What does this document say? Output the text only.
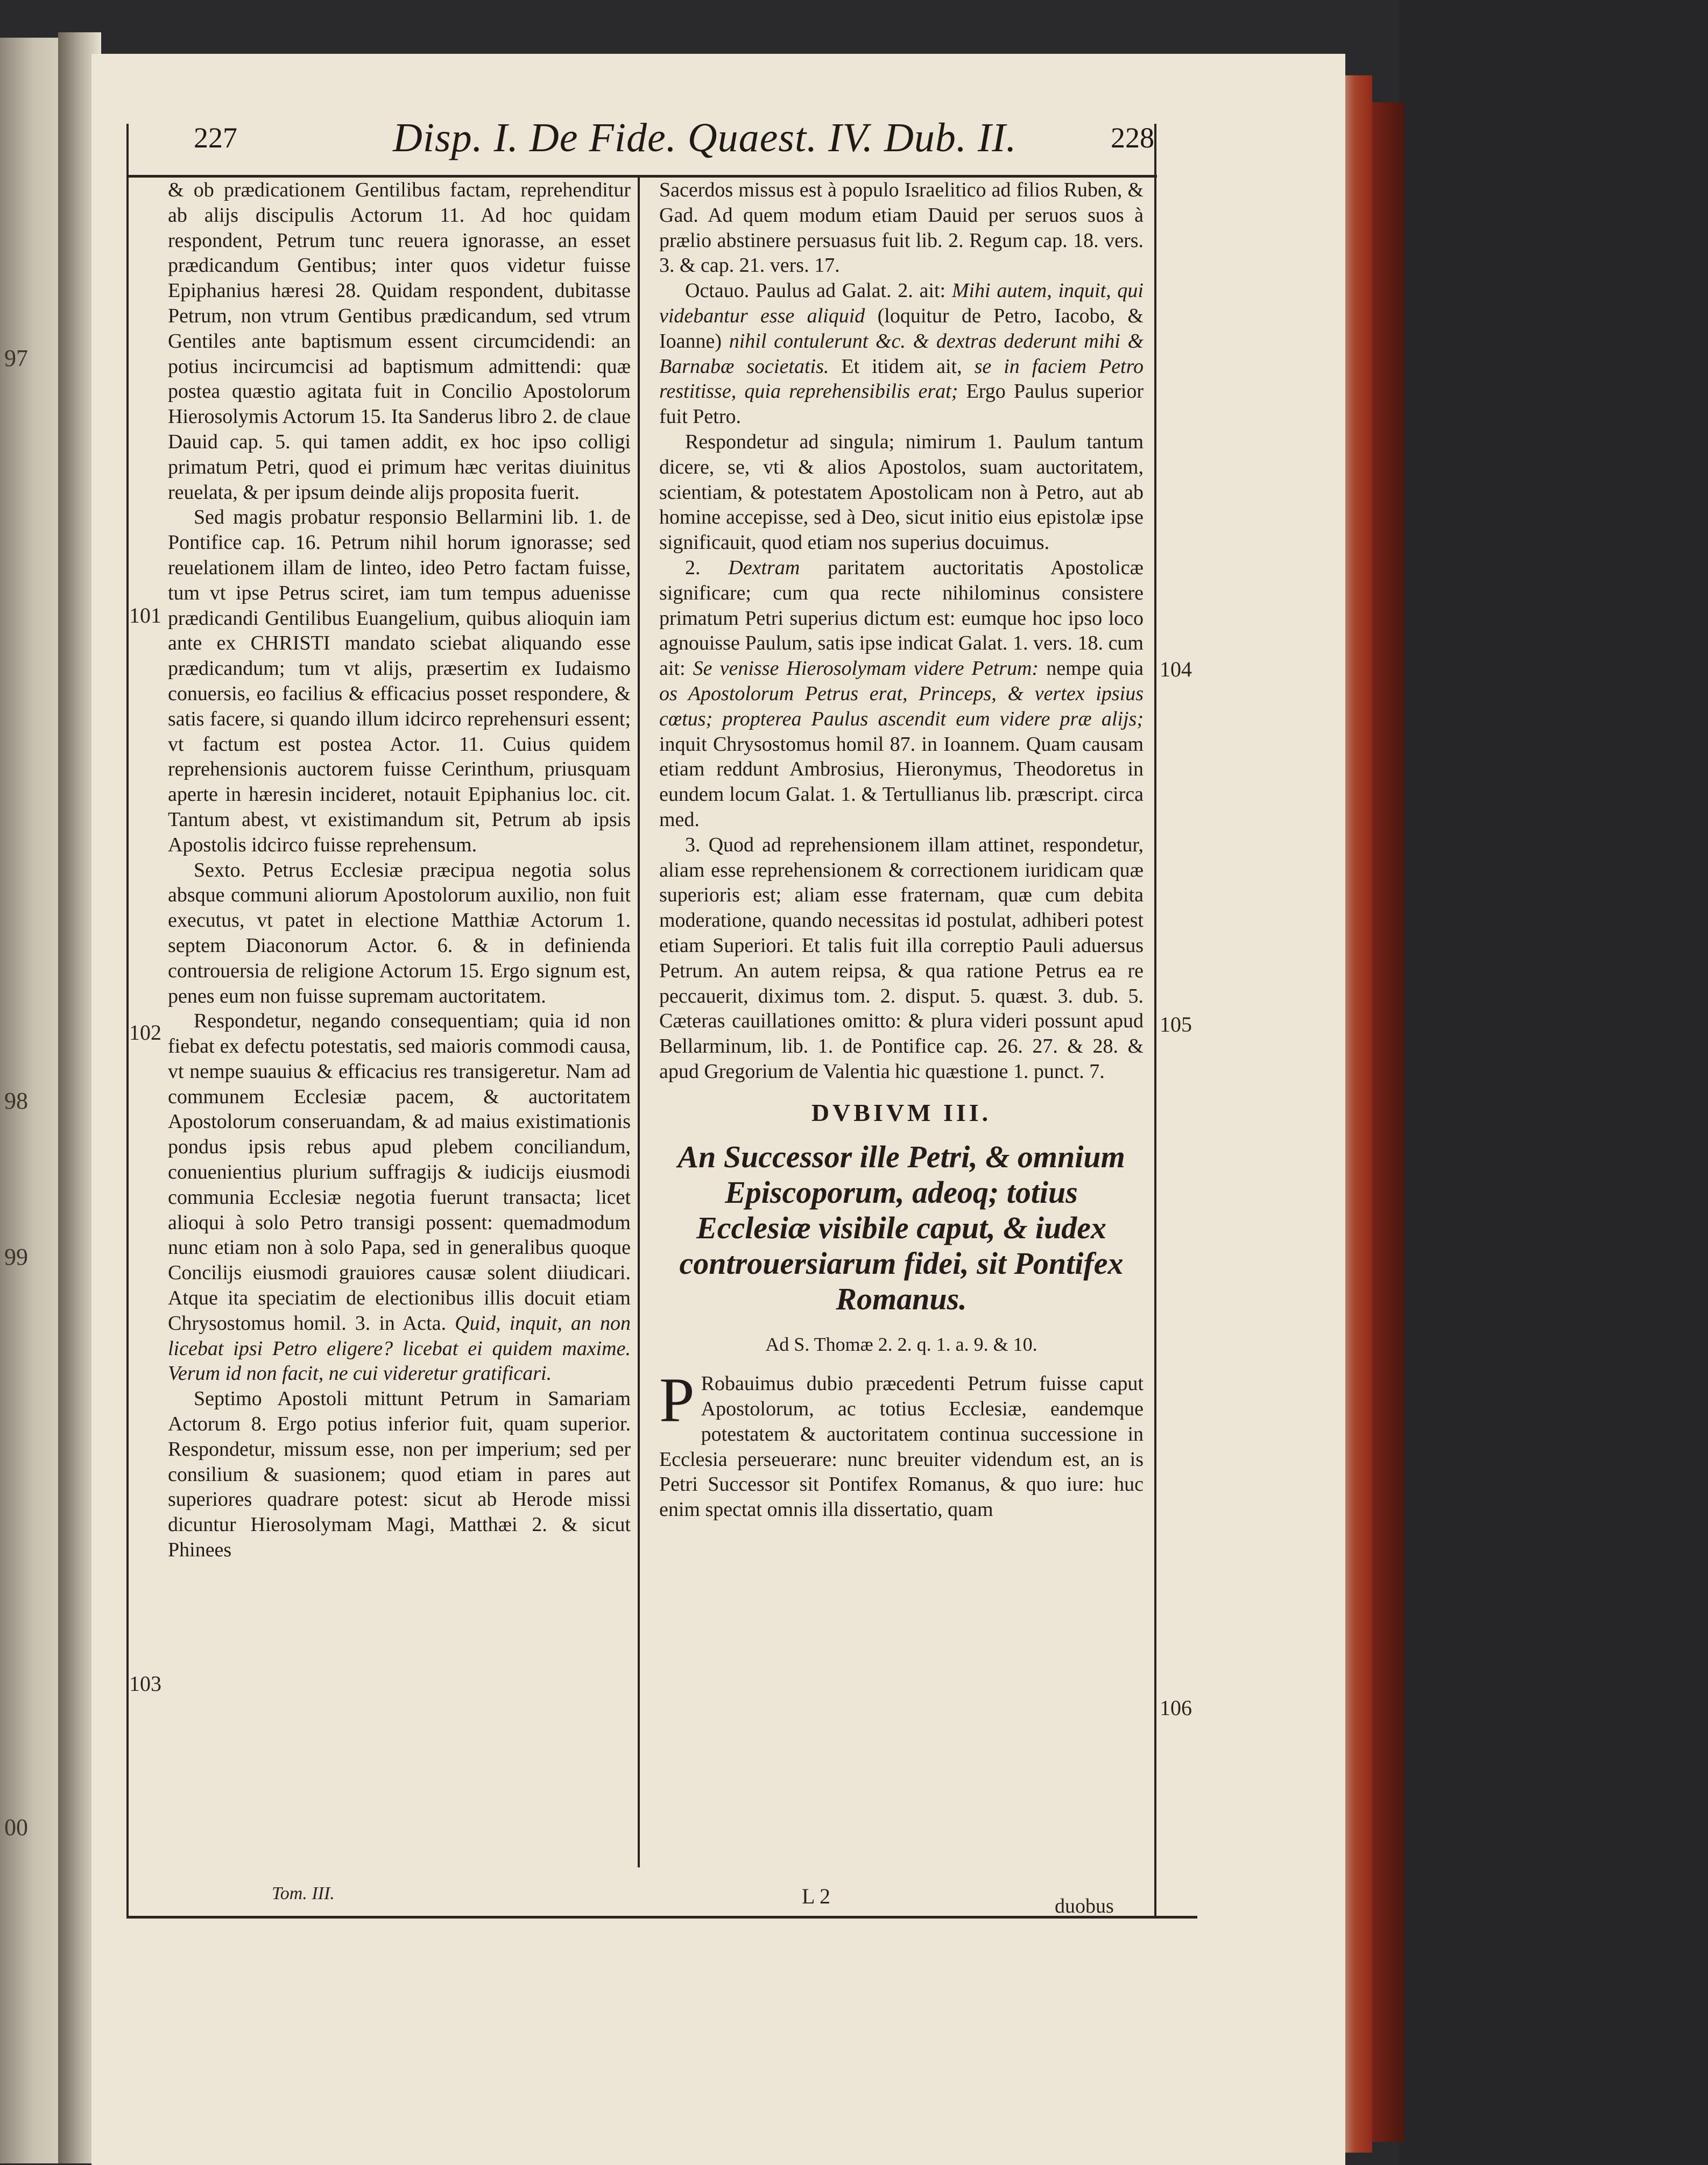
97
98
99
00
227	Disp. I. De Fide. Quaest. IV. Dub. II.	228
101
102
103
104
105
106

& ob prædicationem Gentilibus factam, reprehenditur ab alijs discipulis Actorum 11. Ad hoc quidam respondent, Petrum tunc reuera ignorasse, an esset prædicandum Gentibus; inter quos videtur fuisse Epiphanius hæresi 28. Quidam respondent, dubitasse Petrum, non vtrum Gentibus prædicandum, sed vtrum Gentiles ante baptismum essent circumcidendi: an potius incircumcisi ad baptismum admittendi: quæ postea quæstio agitata fuit in Concilio Apostolorum Hierosolymis Actorum 15. Ita Sanderus libro 2. de claue Dauid cap. 5. qui tamen addit, ex hoc ipso colligi primatum Petri, quod ei primum hæc veritas diuinitus reuelata, & per ipsum deinde alijs proposita fuerit.

Sed magis probatur responsio Bellarmini lib. 1. de Pontifice cap. 16. Petrum nihil horum ignorasse; sed reuelationem illam de linteo, ideo Petro factam fuisse, tum vt ipse Petrus sciret, iam tum tempus aduenisse prædicandi Gentilibus Euangelium, quibus alioquin iam ante ex CHRISTI mandato sciebat aliquando esse prædicandum; tum vt alijs, præsertim ex Iudaismo conuersis, eo facilius & efficacius posset respondere, & satis facere, si quando illum idcirco reprehensuri essent; vt factum est postea Actor. 11. Cuius quidem reprehensionis auctorem fuisse Cerinthum, priusquam aperte in hæresin incideret, notauit Epiphanius loc. cit. Tantum abest, vt existimandum sit, Petrum ab ipsis Apostolis idcirco fuisse reprehensum.

Sexto. Petrus Ecclesiæ præcipua negotia solus absque communi aliorum Apostolorum auxilio, non fuit executus, vt patet in electione Matthiæ Actorum 1. septem Diaconorum Actor. 6. & in definienda controuersia de religione Actorum 15. Ergo signum est, penes eum non fuisse supremam auctoritatem.

Respondetur, negando consequentiam; quia id non fiebat ex defectu potestatis, sed maioris commodi causa, vt nempe suauius & efficacius res transigeretur. Nam ad communem Ecclesiæ pacem, & auctoritatem Apostolorum conseruandam, & ad maius existimationis pondus ipsis rebus apud plebem conciliandum, conuenientius plurium suffragijs & iudicijs eiusmodi communia Ecclesiæ negotia fuerunt transacta; licet alioqui à solo Petro transigi possent: quemadmodum nunc etiam non à solo Papa, sed in generalibus quoque Concilijs eiusmodi grauiores causæ solent diiudicari. Atque ita speciatim de electionibus illis docuit etiam Chrysostomus homil. 3. in Acta. Quid, inquit, an non licebat ipsi Petro eligere? licebat ei quidem maxime. Verum id non facit, ne cui videretur gratificari.

Septimo Apostoli mittunt Petrum in Samariam Actorum 8. Ergo potius inferior fuit, quam superior. Respondetur, missum esse, non per imperium; sed per consilium & suasionem; quod etiam in pares aut superiores quadrare potest: sicut ab Herode missi dicuntur Hierosolymam Magi, Matthæi 2. & sicut Phinees

Sacerdos missus est à populo Israelitico ad filios Ruben, & Gad. Ad quem modum etiam Dauid per seruos suos à prælio abstinere persuasus fuit lib. 2. Regum cap. 18. vers. 3. & cap. 21. vers. 17.

Octauo. Paulus ad Galat. 2. ait: Mihi autem, inquit, qui videbantur esse aliquid (loquitur de Petro, Iacobo, & Ioanne) nihil contulerunt &c. & dextras dederunt mihi & Barnabæ societatis. Et itidem ait, se in faciem Petro restitisse, quia reprehensibilis erat; Ergo Paulus superior fuit Petro.

Respondetur ad singula; nimirum 1. Paulum tantum dicere, se, vti & alios Apostolos, suam auctoritatem, scientiam, & potestatem Apostolicam non à Petro, aut ab homine accepisse, sed à Deo, sicut initio eius epistolæ ipse significauit, quod etiam nos superius docuimus.

2. Dextram paritatem auctoritatis Apostolicæ significare; cum qua recte nihilominus consistere primatum Petri superius dictum est: eumque hoc ipso loco agnouisse Paulum, satis ipse indicat Galat. 1. vers. 18. cum ait: Se venisse Hierosolymam videre Petrum: nempe quia os Apostolorum Petrus erat, Princeps, & vertex ipsius cœtus; propterea Paulus ascendit eum videre præ alijs; inquit Chrysostomus homil 87. in Ioannem. Quam causam etiam reddunt Ambrosius, Hieronymus, Theodoretus in eundem locum Galat. 1. & Tertullianus lib. præscript. circa med.

3. Quod ad reprehensionem illam attinet, respondetur, aliam esse reprehensionem & correctionem iuridicam quæ superioris est; aliam esse fraternam, quæ cum debita moderatione, quando necessitas id postulat, adhiberi potest etiam Superiori. Et talis fuit illa correptio Pauli aduersus Petrum. An autem reipsa, & qua ratione Petrus ea re peccauerit, diximus tom. 2. disput. 5. quæst. 3. dub. 5. Cæteras cauillationes omitto: & plura videri possunt apud Bellarminum, lib. 1. de Pontifice cap. 26. 27. & 28. & apud Gregorium de Valentia hic quæstione 1. punct. 7.

DVBIVM III.
An Successor ille Petri, & omnium Episcoporum, adeoq; totius Ecclesiæ visibile caput, & iudex controuersiarum fidei, sit Pontifex Romanus.
Ad S. Thomæ 2. 2. q. 1. a. 9. & 10.

P Robauimus dubio præcedenti Petrum fuisse caput Apostolorum, ac totius Ecclesiæ, eandemque potestatem & auctoritatem continua successione in Ecclesia perseuerare: nunc breuiter videndum est, an is Petri Successor sit Pontifex Romanus, & quo iure: huc enim spectat omnis illa dissertatio, quam

Tom. III.	L 2	duobus
